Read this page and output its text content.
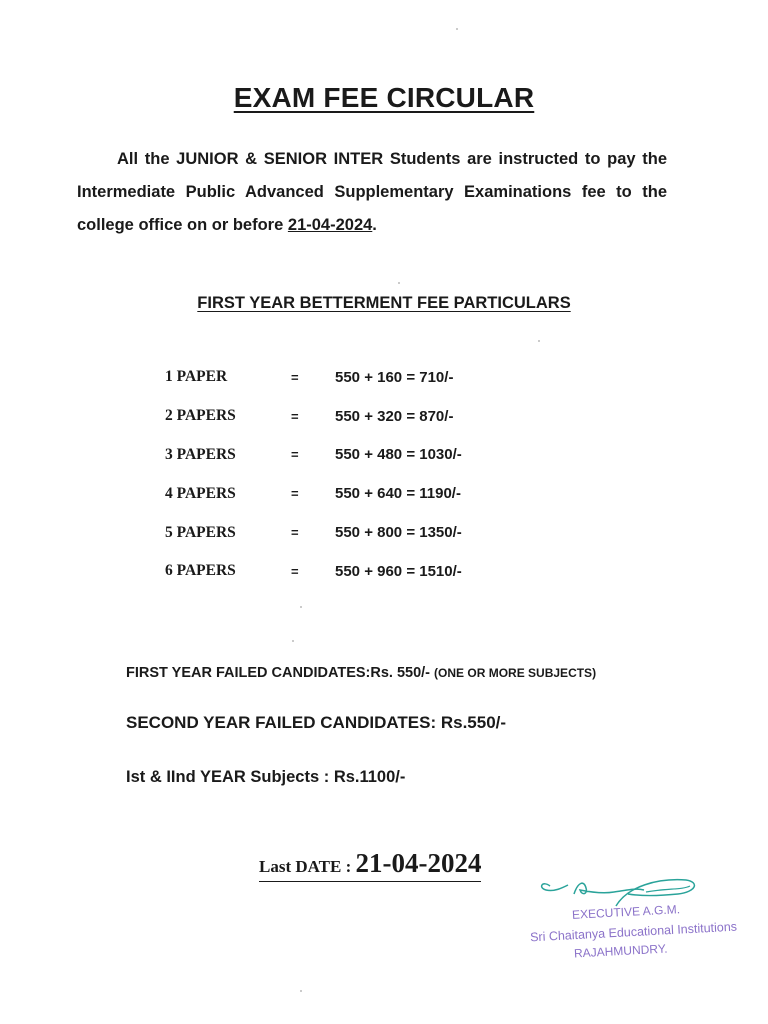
EXAM FEE CIRCULAR
All the JUNIOR & SENIOR INTER Students are instructed to pay the Intermediate Public Advanced Supplementary Examinations fee to the college office on or before 21-04-2024.
FIRST YEAR BETTERMENT FEE PARTICULARS
1 PAPER	=	550 + 160 = 710/-
2 PAPERS	=	550 + 320 = 870/-
3 PAPERS	=	550 + 480 = 1030/-
4 PAPERS	=	550 + 640 = 1190/-
5 PAPERS	=	550 + 800 = 1350/-
6 PAPERS	=	550 + 960 = 1510/-
FIRST YEAR FAILED CANDIDATES:Rs. 550/- (ONE OR MORE SUBJECTS)
SECOND YEAR FAILED CANDIDATES: Rs.550/-
Ist & IInd YEAR Subjects : Rs.1100/-
Last DATE : 21-04-2024
EXECUTIVE A.G.M.
Sri Chaitanya Educational Institutions
RAJAHMUNDRY.
